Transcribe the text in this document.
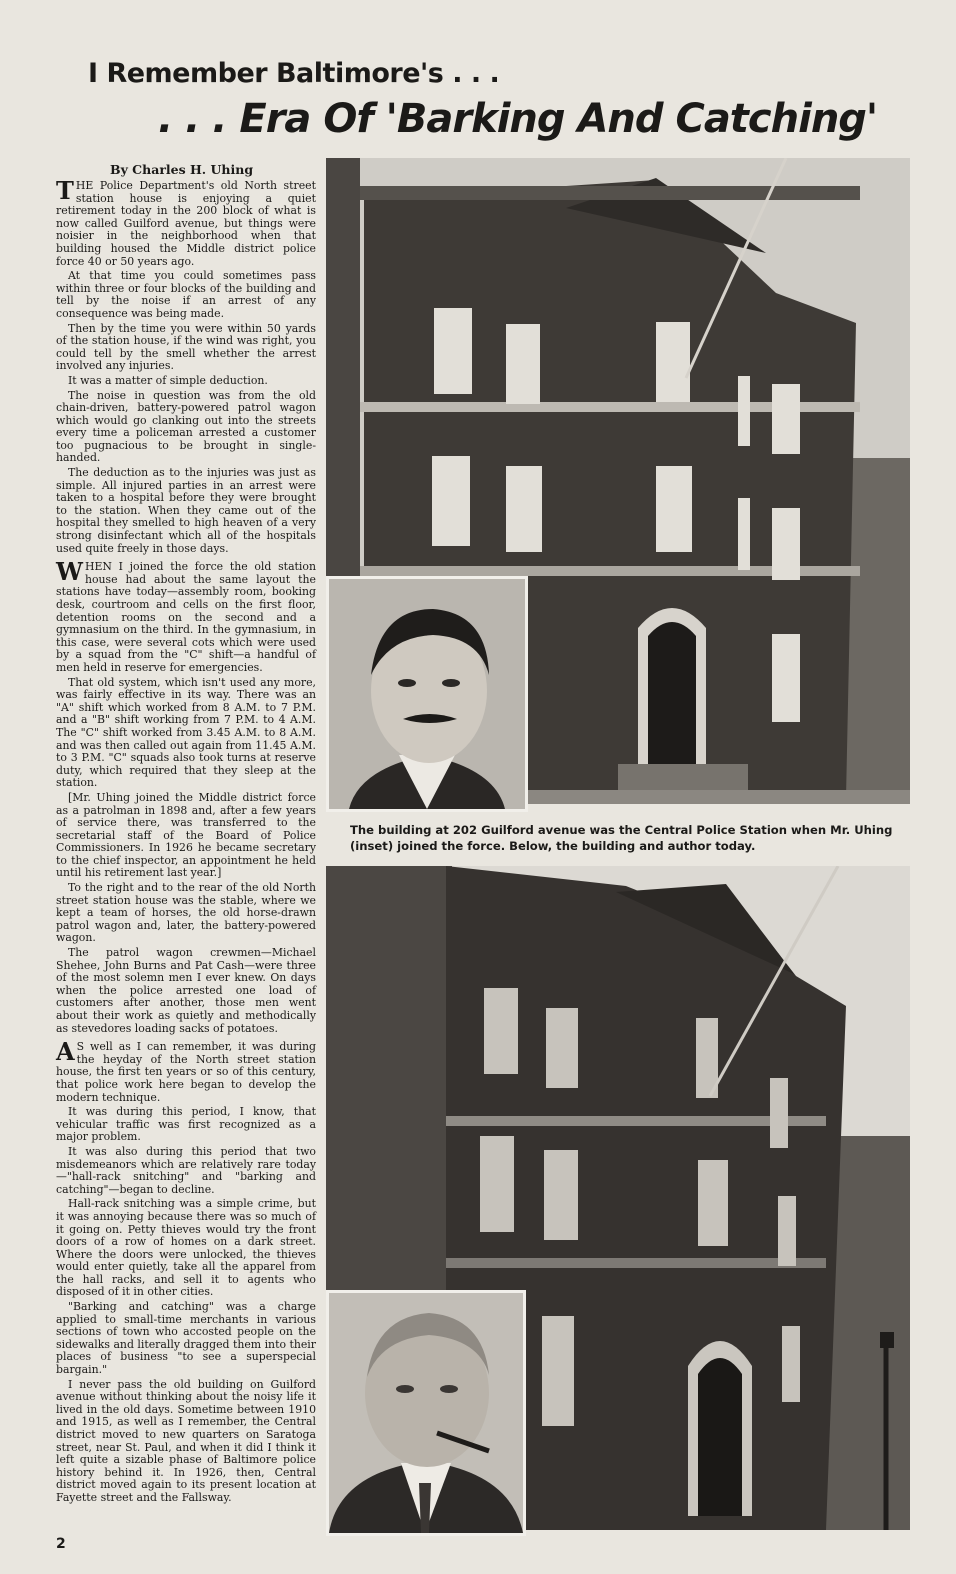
I Remember Baltimore's . . .
. . . Era Of 'Barking And Catching'
By Charles H. Uhing

THE Police Department's old North street station house is enjoying a quiet retirement today in the 200 block of what is now called Guilford avenue, but things were noisier in the neighborhood when that building housed the Middle district police force 40 or 50 years ago.

At that time you could sometimes pass within three or four blocks of the building and tell by the noise if an arrest of any consequence was being made.

Then by the time you were within 50 yards of the station house, if the wind was right, you could tell by the smell whether the arrest involved any injuries.

It was a matter of simple deduction.

The noise in question was from the old chain-driven, battery-powered patrol wagon which would go clanking out into the streets every time a policeman arrested a customer too pugnacious to be brought in single-handed.

The deduction as to the injuries was just as simple. All injured parties in an arrest were taken to a hospital before they were brought to the station. When they came out of the hospital they smelled to high heaven of a very strong disinfectant which all of the hospitals used quite freely in those days.

WHEN I joined the force the old station house had about the same layout the stations have today—assembly room, booking desk, courtroom and cells on the first floor, detention rooms on the second and a gymnasium on the third. In the gymnasium, in this case, were several cots which were used by a squad from the "C" shift—a handful of men held in reserve for emergencies.

That old system, which isn't used any more, was fairly effective in its way. There was an "A" shift which worked from 8 A.M. to 7 P.M. and a "B" shift working from 7 P.M. to 4 A.M. The "C" shift worked from 3.45 A.M. to 8 A.M. and was then called out again from 11.45 A.M. to 3 P.M. "C" squads also took turns at reserve duty, which required that they sleep at the station.

[Mr. Uhing joined the Middle district force as a patrolman in 1898 and, after a few years of service there, was transferred to the secretarial staff of the Board of Police Commissioners. In 1926 he became secretary to the chief inspector, an appointment he held until his retirement last year.]

To the right and to the rear of the old North street station house was the stable, where we kept a team of horses, the old horse-drawn patrol wagon and, later, the battery-powered wagon.

The patrol wagon crewmen—Michael Shehee, John Burns and Pat Cash—were three of the most solemn men I ever knew. On days when the police arrested one load of customers after another, those men went about their work as quietly and methodically as stevedores loading sacks of potatoes.

A S well as I can remember, it was during the heyday of the North street station house, the first ten years or so of this century, that police work here began to develop the modern technique.

It was during this period, I know, that vehicular traffic was first recognized as a major problem.

It was also during this period that two misdemeanors which are relatively rare today—"hall-rack snitching" and "barking and catching"—began to decline.

Hall-rack snitching was a simple crime, but it was annoying because there was so much of it going on. Petty thieves would try the front doors of a row of homes on a dark street. Where the doors were unlocked, the thieves would enter quietly, take all the apparel from the hall racks, and sell it to agents who disposed of it in other cities.

"Barking and catching" was a charge applied to small-time merchants in various sections of town who accosted people on the sidewalks and literally dragged them into their places of business "to see a superspecial bargain."

I never pass the old building on Guilford avenue without thinking about the noisy life it lived in the old days. Sometime between 1910 and 1915, as well as I remember, the Central district moved to new quarters on Saratoga street, near St. Paul, and when it did I think it left quite a sizable phase of Baltimore police history behind it. In 1926, then, Central district moved again to its present location at Fayette street and the Fallsway.

The building at 202 Guilford avenue was the Central Police Station when Mr. Uhing (inset) joined the force. Below, the building and author today.
2
